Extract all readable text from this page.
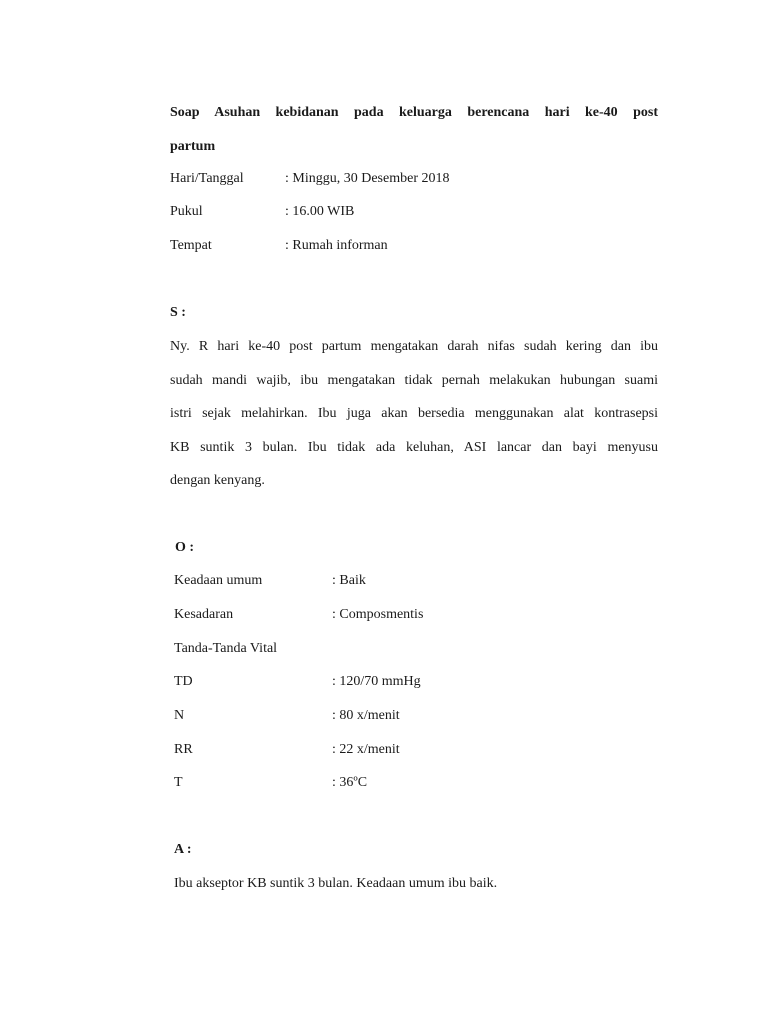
Soap Asuhan kebidanan pada keluarga berencana hari ke-40 post
partum
Hari/Tanggal	: Minggu, 30 Desember 2018
Pukul	: 16.00 WIB
Tempat	: Rumah informan
S :
Ny. R hari ke-40 post partum mengatakan darah nifas sudah kering dan ibu
sudah mandi wajib, ibu mengatakan tidak pernah melakukan hubungan suami
istri sejak melahirkan. Ibu juga akan bersedia menggunakan alat kontrasepsi
KB suntik 3 bulan. Ibu tidak ada keluhan, ASI lancar dan bayi menyusu
dengan kenyang.
O :
Keadaan umum	: Baik
Kesadaran	: Composmentis
Tanda-Tanda Vital
TD	: 120/70 mmHg
N	: 80 x/menit
RR	: 22 x/menit
T	: 36ºC
A :
Ibu akseptor KB suntik 3 bulan. Keadaan umum ibu baik.
